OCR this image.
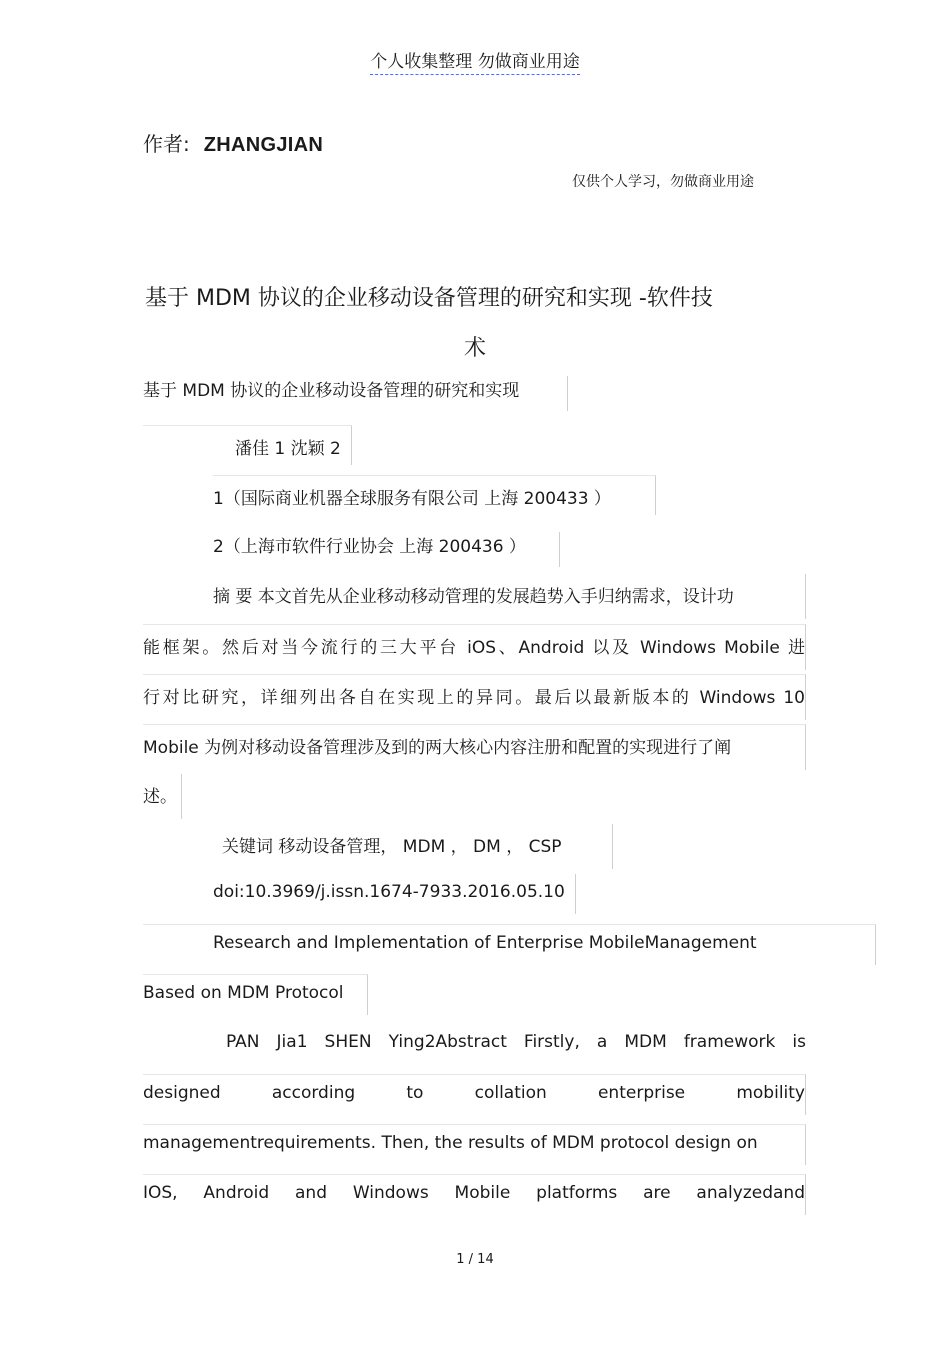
个人收集整理 勿做商业用途
作者: ZHANGJIAN
仅供个人学习，勿做商业用途
基于 MDM 协议的企业移动设备管理的研究和实现 -软件技
术
基于 MDM 协议的企业移动设备管理的研究和实现
潘佳 1 沈颖 2
1（国际商业机器全球服务有限公司 上海 200433 ）
2（上海市软件行业协会 上海 200436 ）
摘 要 本文首先从企业移动移动管理的发展趋势入手归纳需求，设计功
能框架。然后对当今流行的三大平台 iOS、Android 以及 Windows Mobile 进
行对比研究，详细列出各自在实现上的异同。最后以最新版本的 Windows 10
Mobile 为例对移动设备管理涉及到的两大核心内容注册和配置的实现进行了阐
述。
关键词 移动设备管理， MDM ， DM ， CSP
doi:10.3969/j.issn.1674-7933.2016.05.10
Research and Implementation of Enterprise MobileManagement
Based on MDM Protocol
PAN Jia1 SHEN Ying2Abstract Firstly, a MDM framework is
designed according to collation enterprise mobility
managementrequirements. Then, the results of MDM protocol design on
IOS, Android and Windows Mobile platforms are analyzedand
1 / 14
